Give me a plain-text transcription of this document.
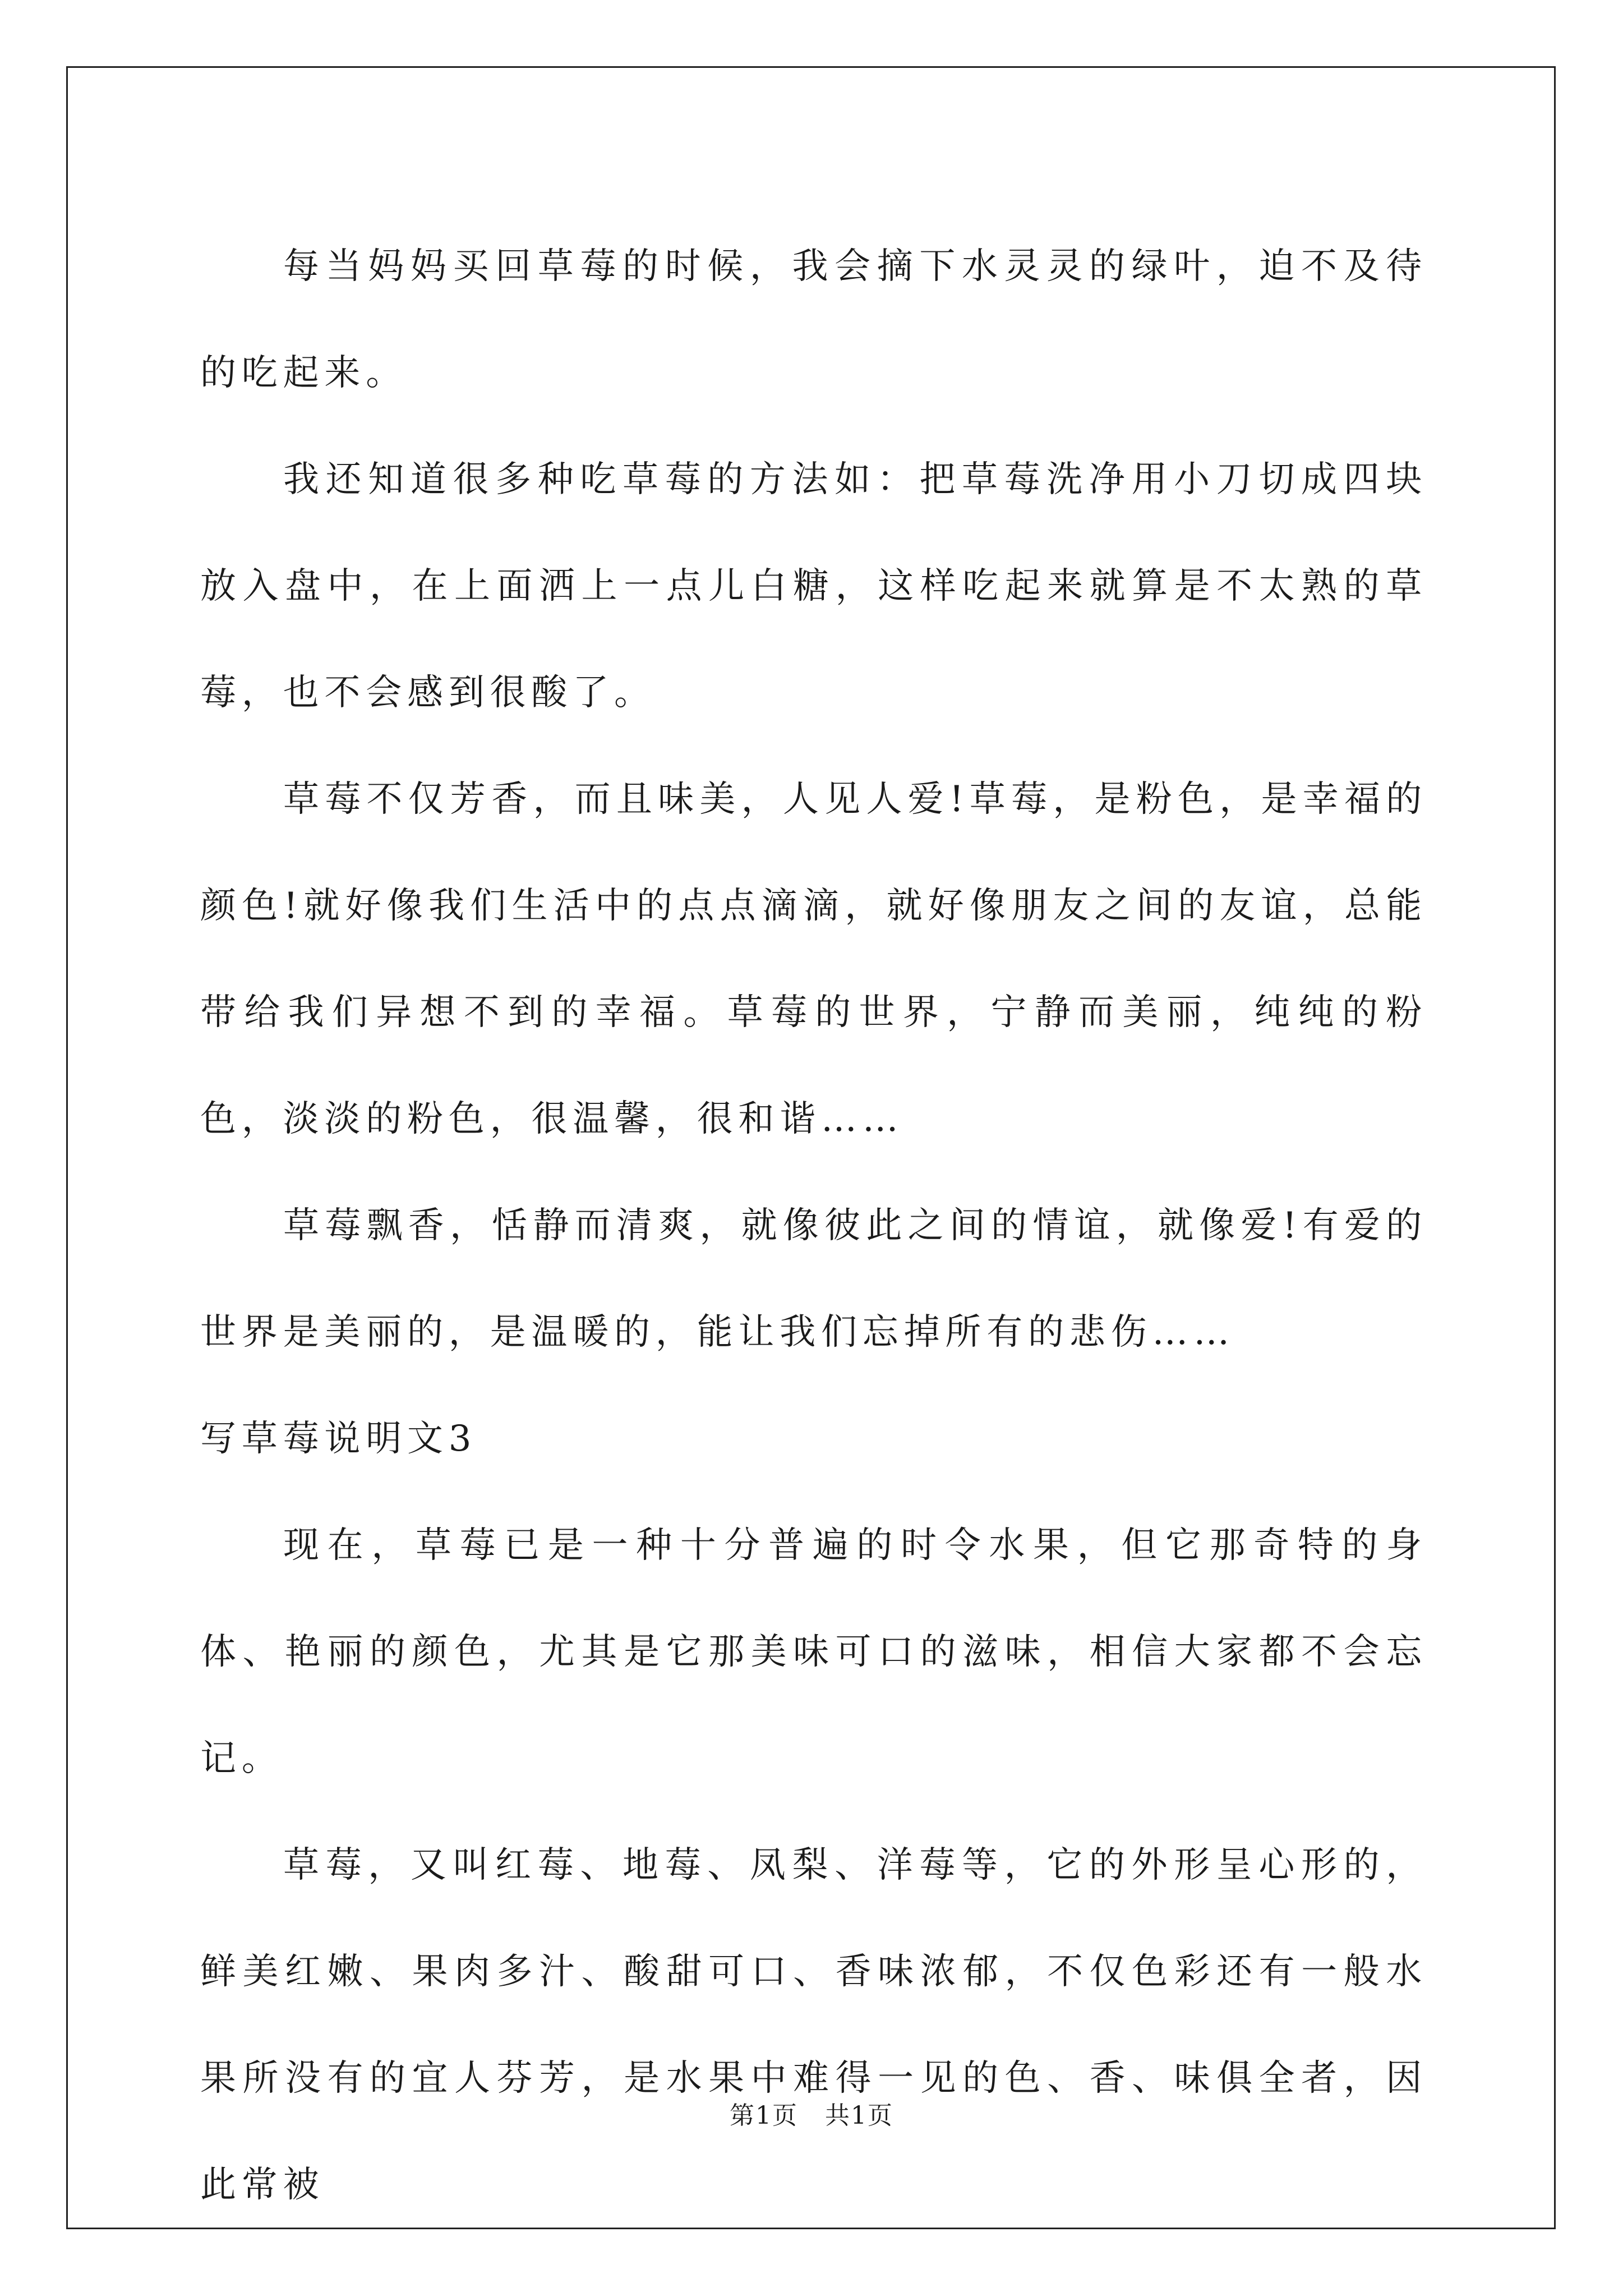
每当妈妈买回草莓的时候，我会摘下水灵灵的绿叶，迫不及待的吃起来。

我还知道很多种吃草莓的方法如：把草莓洗净用小刀切成四块放入盘中，在上面洒上一点儿白糖，这样吃起来就算是不太熟的草莓，也不会感到很酸了。

草莓不仅芳香，而且味美，人见人爱!草莓，是粉色，是幸福的颜色!就好像我们生活中的点点滴滴，就好像朋友之间的友谊，总能带给我们异想不到的幸福。草莓的世界，宁静而美丽，纯纯的粉色，淡淡的粉色，很温馨，很和谐……

草莓飘香，恬静而清爽，就像彼此之间的情谊，就像爱!有爱的世界是美丽的，是温暖的，能让我们忘掉所有的悲伤……

写草莓说明文3

现在，草莓已是一种十分普遍的时令水果，但它那奇特的身体、艳丽的颜色，尤其是它那美味可口的滋味，相信大家都不会忘记。

草莓，又叫红莓、地莓、凤梨、洋莓等，它的外形呈心形的，鲜美红嫩、果肉多汁、酸甜可口、香味浓郁，不仅色彩还有一般水果所没有的宜人芬芳，是水果中难得一见的色、香、味俱全者，因此常被

第1页 共1页
